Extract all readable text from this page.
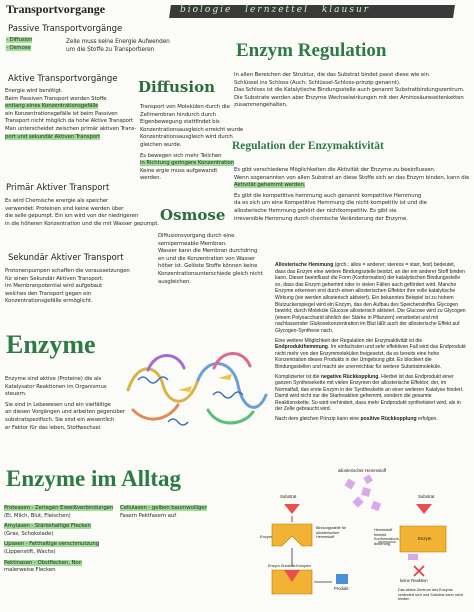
Transportvorgange	biologie lernzettel klausur
Passive Transportvorgänge
- Diffusion
- Osmose
Zelle muss keine Energie Aufwenden
um die Stoffe zu Transportieren
Aktive Transportvorgänge
Energie wird benötigt.
Beim Passiven Transport werden Stoffe
entlang eines Konzentrationsgefälle
ein Konzentrationsgefälle ist beim Passiven
Transport nicht möglich da hohe Aktive Transport
Man unterscheidet zwischen primär aktiven Trans-
port und sekundär Aktiven Transport
Primär Aktiver Transport
Es wird Chemische energie als speicher
verwendet: Proteinen sind keine werden über
die selle gepumpt. Ein ion wird von der niedrigeren
in die höheren Konzentration und die mit Wasser gepumpt.
Sekundär Aktiver Transport
Protonenpumpen schaffen die voraussetzungen
für einen Sekundär Aktiven Transport.
Im Membranpotential wird aufgebaut
welches den Transport gegen ein
Konzentrationsgefälle ermöglicht.
Diffusion
Transport von Molekülen durch die
Zellmembran hindurch durch
Eigenbewegung stattfindet bis
Konzentrationsausgleich erreicht wurde
Konzentrationsausgleich wird durch
gleichen wurde.
Es bewegen sich mehr Teilchen
in Richtung geringere Konzentration
Keine ergie muss aufgewandt
werden.
Osmose
Diffusionsvorgang durch eine
semipermeable Membran.
Wasser kann die Membran durchdring
en und die Konzentration von Wasser
höher ist. Gelöste Stoffe können keine
Konzentrationsunterschiede gleich nicht
ausgleichen.
Enzyme
Enzyme sind aktive (Proteine) die als
Katalysator Reaktionen im Organismus
steuern.
Sie sind in Lebewesen und ein vielfältige
an diesen Vorgängen und arbeiten gegenüber
substratspezifisch. Sie sind ein wesentlich
er Faktor für das leben, Stoffwechsel.
Enzyme im Alltag
Proteasen - Zerlegen Eiweißverbindungen
(Ei, Milch, Blut, Fleischen)
Amylasen - Stärkehaltige Flecken
(Gras, Schokolade)
Lipasen - Fetthaltige verschmutzung
(Lippenstift, Wachs)
Pektinasen - Obstflecken, Nor-
malerweise Flecken
Cellulasen - gelben baumwolliger
Fasern Pektfasern auf
Enzym Regulation
In allen Bereichen der Struktur, die das Substrat bindet passt diese wie ein
Schlüssel ins Schloss (Auch: Schlüssel-Schloss-prinzip genannt).
Das Schloss ist die Katalytische Bindungsstelle auch genannt Substratbindungszentrum.
Die Substrate werden aber Enzyme Wechselwirkungen mit den Aminosäureseitenketten
zusammengehalten.
Regulation der Enzymaktivität
Es gibt verschiedene Möglichkeiten die Aktivität der Enzyme zu beeinflussen.
Wenn sogenannten von allen Substrat an diese Stoffe sich an das Enzym binden, kann die
Aktivität gehemmt werden.
Es gibt die kompetitive hemmung auch genannt kompetitive Hemmung
da es sich um eine Kompetitive Hemmung die nicht kompetitiv ist und die
allosterische Hemmung gehört der nichtkompetitiv. Es gibt sie
irreversible Hemmung durch chemische Veränderung der Enzyme.

Allosterische Hemmung (grch.: allos = anderer; stereos = starr, fest) bedeutet, dass das Enzym eine weitere Bindungsstelle besitzt, an der ein anderer Stoff binden kann. Dieser beeinflusst die Form (Konformation) der katalytischen Bindungsstelle so, dass das Enzym gehemmt oder in vielen Fällen auch gefördert wird. Manche Enzyme erkennen erst durch einen allosterischen Effektor ihre volle katalytische Wirkung (sie werden allosterisch aktiviert). Ein bekanntes Beispiel ist zu hohem Blutzuckerspiegel wird ein Enzym, das den Aufbau des Speicherstoffes Glycogen bewirkt, durch Moleküle Glucose allosterisch aktiviert. Die Glucose wird zu Glycogen (einem Polysaccharid ähnlich der Stärke in Pflanzen) verarbeitet und mit nachlassender Glukosekonzentration im Blut läßt auch der allosterische Effekt auf Glycogen-Synthese nach.

Eine weitere Möglichkeit der Regulation der Enzymaktivität ist die Endprodukthemmung. Im einfachsten und sehr effektiven Fall wird das Endprodukt nicht mehr von den Enzymmolekülen freigesetzt, da es bereits eine hohe Konzentration dieses Produkts in der Umgebung gibt. Es blockiert die Bindungsstellen und macht sie unerreichbar für weitere Substratmoleküle.

Komplizierter ist die negative Rückkopplung. Hierbei ist das Endprodukt einer ganzen Synthesekette mit vielen Enzymen der allosterische Effektor, der, im Normalfall, das erste Enzym in der Syntheskette an einer weiteren Katalyse hindert. Damit wird nicht nur die Startreaktion gehemmt, sondern die gesamte Reaktionskette. So wird verhindert, dass mehr Endprodukt synthetisiert wird, als in der Zelle gebraucht wird.

Nach dem gleichen Prinzip kann eine positive Rückkopplung erfolgen.

allosterischer Hemmstoff
Substrat	Substrat
Enzym	Enzym
Bindungsstelle für allosterischen Hemmstoff
Hemmstoff bewirkt Konformations-änderung
Enzym-Substrat-Komplex
Produkt
keine Reaktion
Das aktive Zentrum des Enzyms verändert sich und Substrat kann nicht binden
